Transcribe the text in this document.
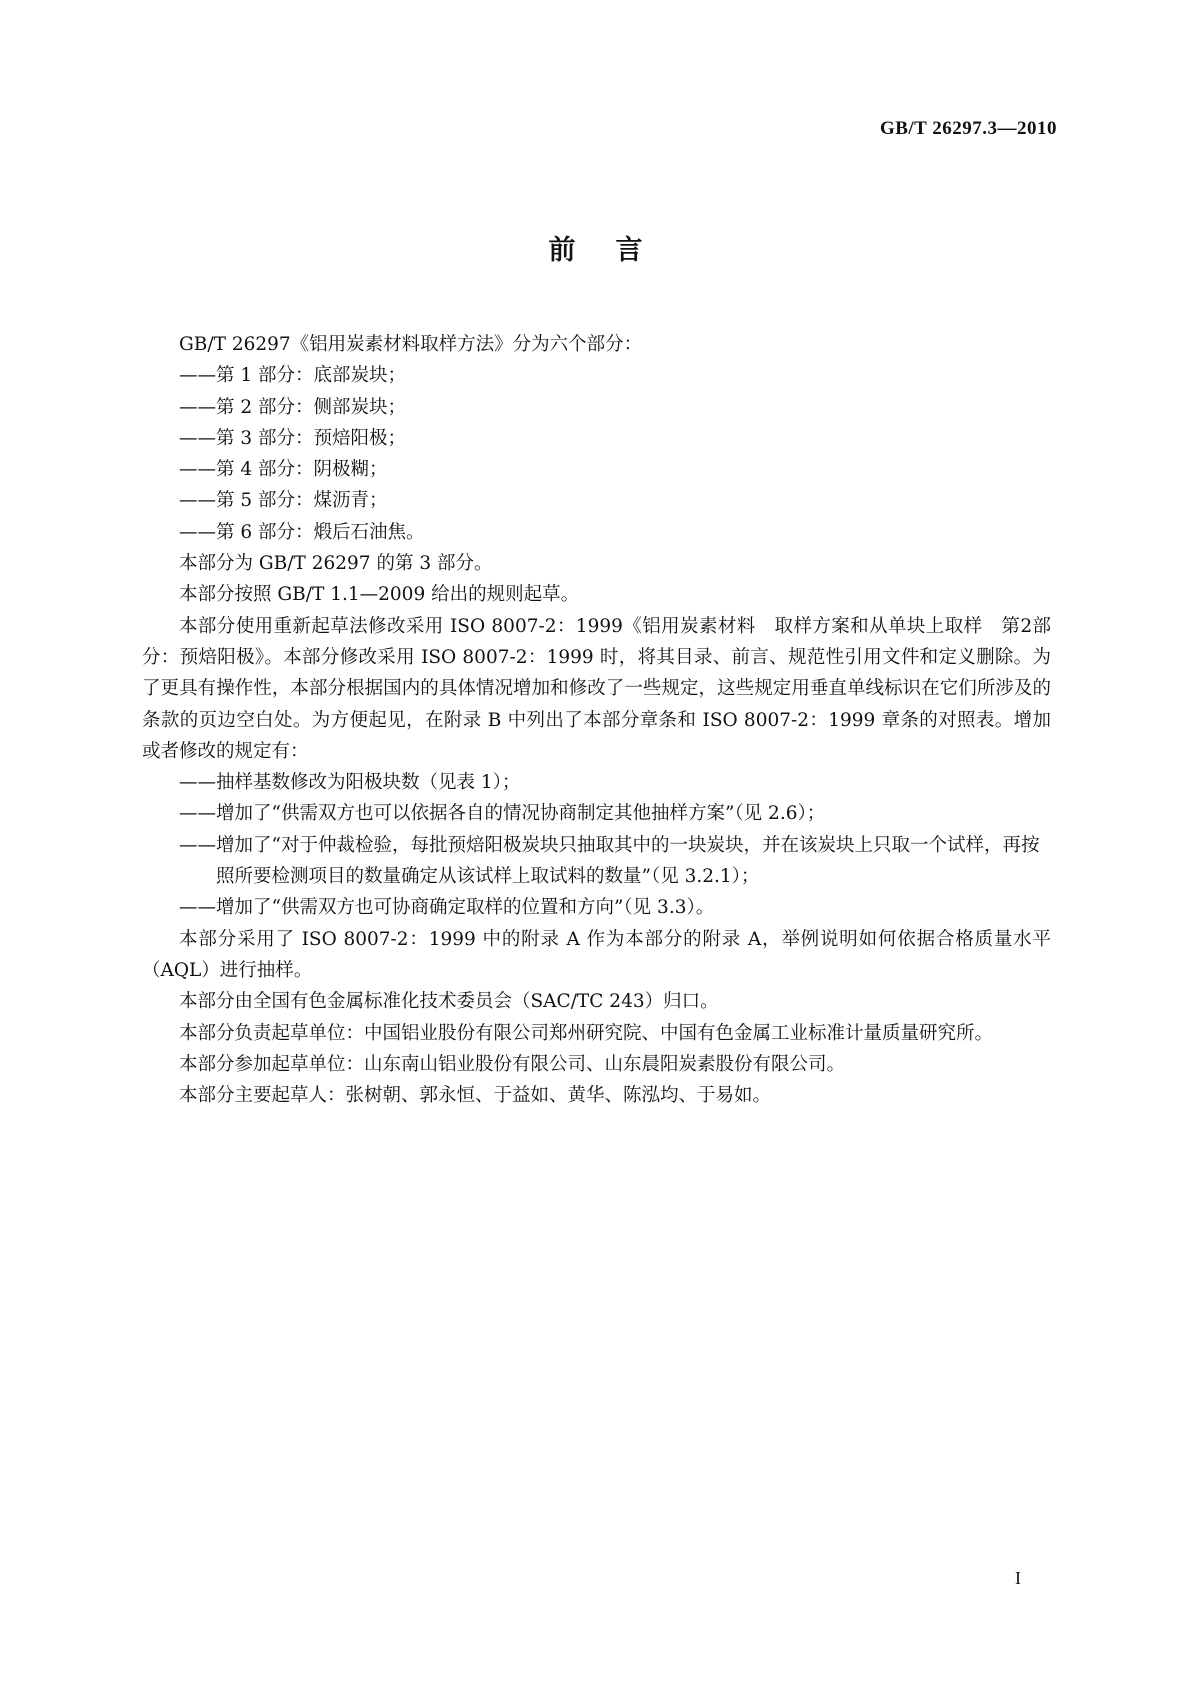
GB/T 26297.3—2010
前言

GB/T 26297《铝用炭素材料取样方法》分为六个部分：

——第 1 部分：底部炭块；

——第 2 部分：侧部炭块；

——第 3 部分：预焙阳极；

——第 4 部分：阴极糊；

——第 5 部分：煤沥青；

——第 6 部分：煅后石油焦。

本部分为 GB/T 26297 的第 3 部分。

本部分按照 GB/T 1.1—2009 给出的规则起草。

本部分使用重新起草法修改采用 ISO 8007-2：1999《铝用炭素材料　取样方案和从单块上取样　第2部分：预焙阳极》。本部分修改采用 ISO 8007-2：1999 时，将其目录、前言、规范性引用文件和定义删除。为了更具有操作性，本部分根据国内的具体情况增加和修改了一些规定，这些规定用垂直单线标识在它们所涉及的条款的页边空白处。为方便起见，在附录 B 中列出了本部分章条和 ISO 8007-2：1999 章条的对照表。增加或者修改的规定有：

——抽样基数修改为阳极块数（见表 1）；

——增加了“供需双方也可以依据各自的情况协商制定其他抽样方案”（见 2.6）；

——增加了“对于仲裁检验，每批预焙阳极炭块只抽取其中的一块炭块，并在该炭块上只取一个试样，再按照所要检测项目的数量确定从该试样上取试料的数量”（见 3.2.1）；

——增加了“供需双方也可协商确定取样的位置和方向”（见 3.3）。

本部分采用了 ISO 8007-2：1999 中的附录 A 作为本部分的附录 A，举例说明如何依据合格质量水平（AQL）进行抽样。

本部分由全国有色金属标准化技术委员会（SAC/TC 243）归口。

本部分负责起草单位：中国铝业股份有限公司郑州研究院、中国有色金属工业标准计量质量研究所。

本部分参加起草单位：山东南山铝业股份有限公司、山东晨阳炭素股份有限公司。

本部分主要起草人：张树朝、郭永恒、于益如、黄华、陈泓均、于易如。

I
